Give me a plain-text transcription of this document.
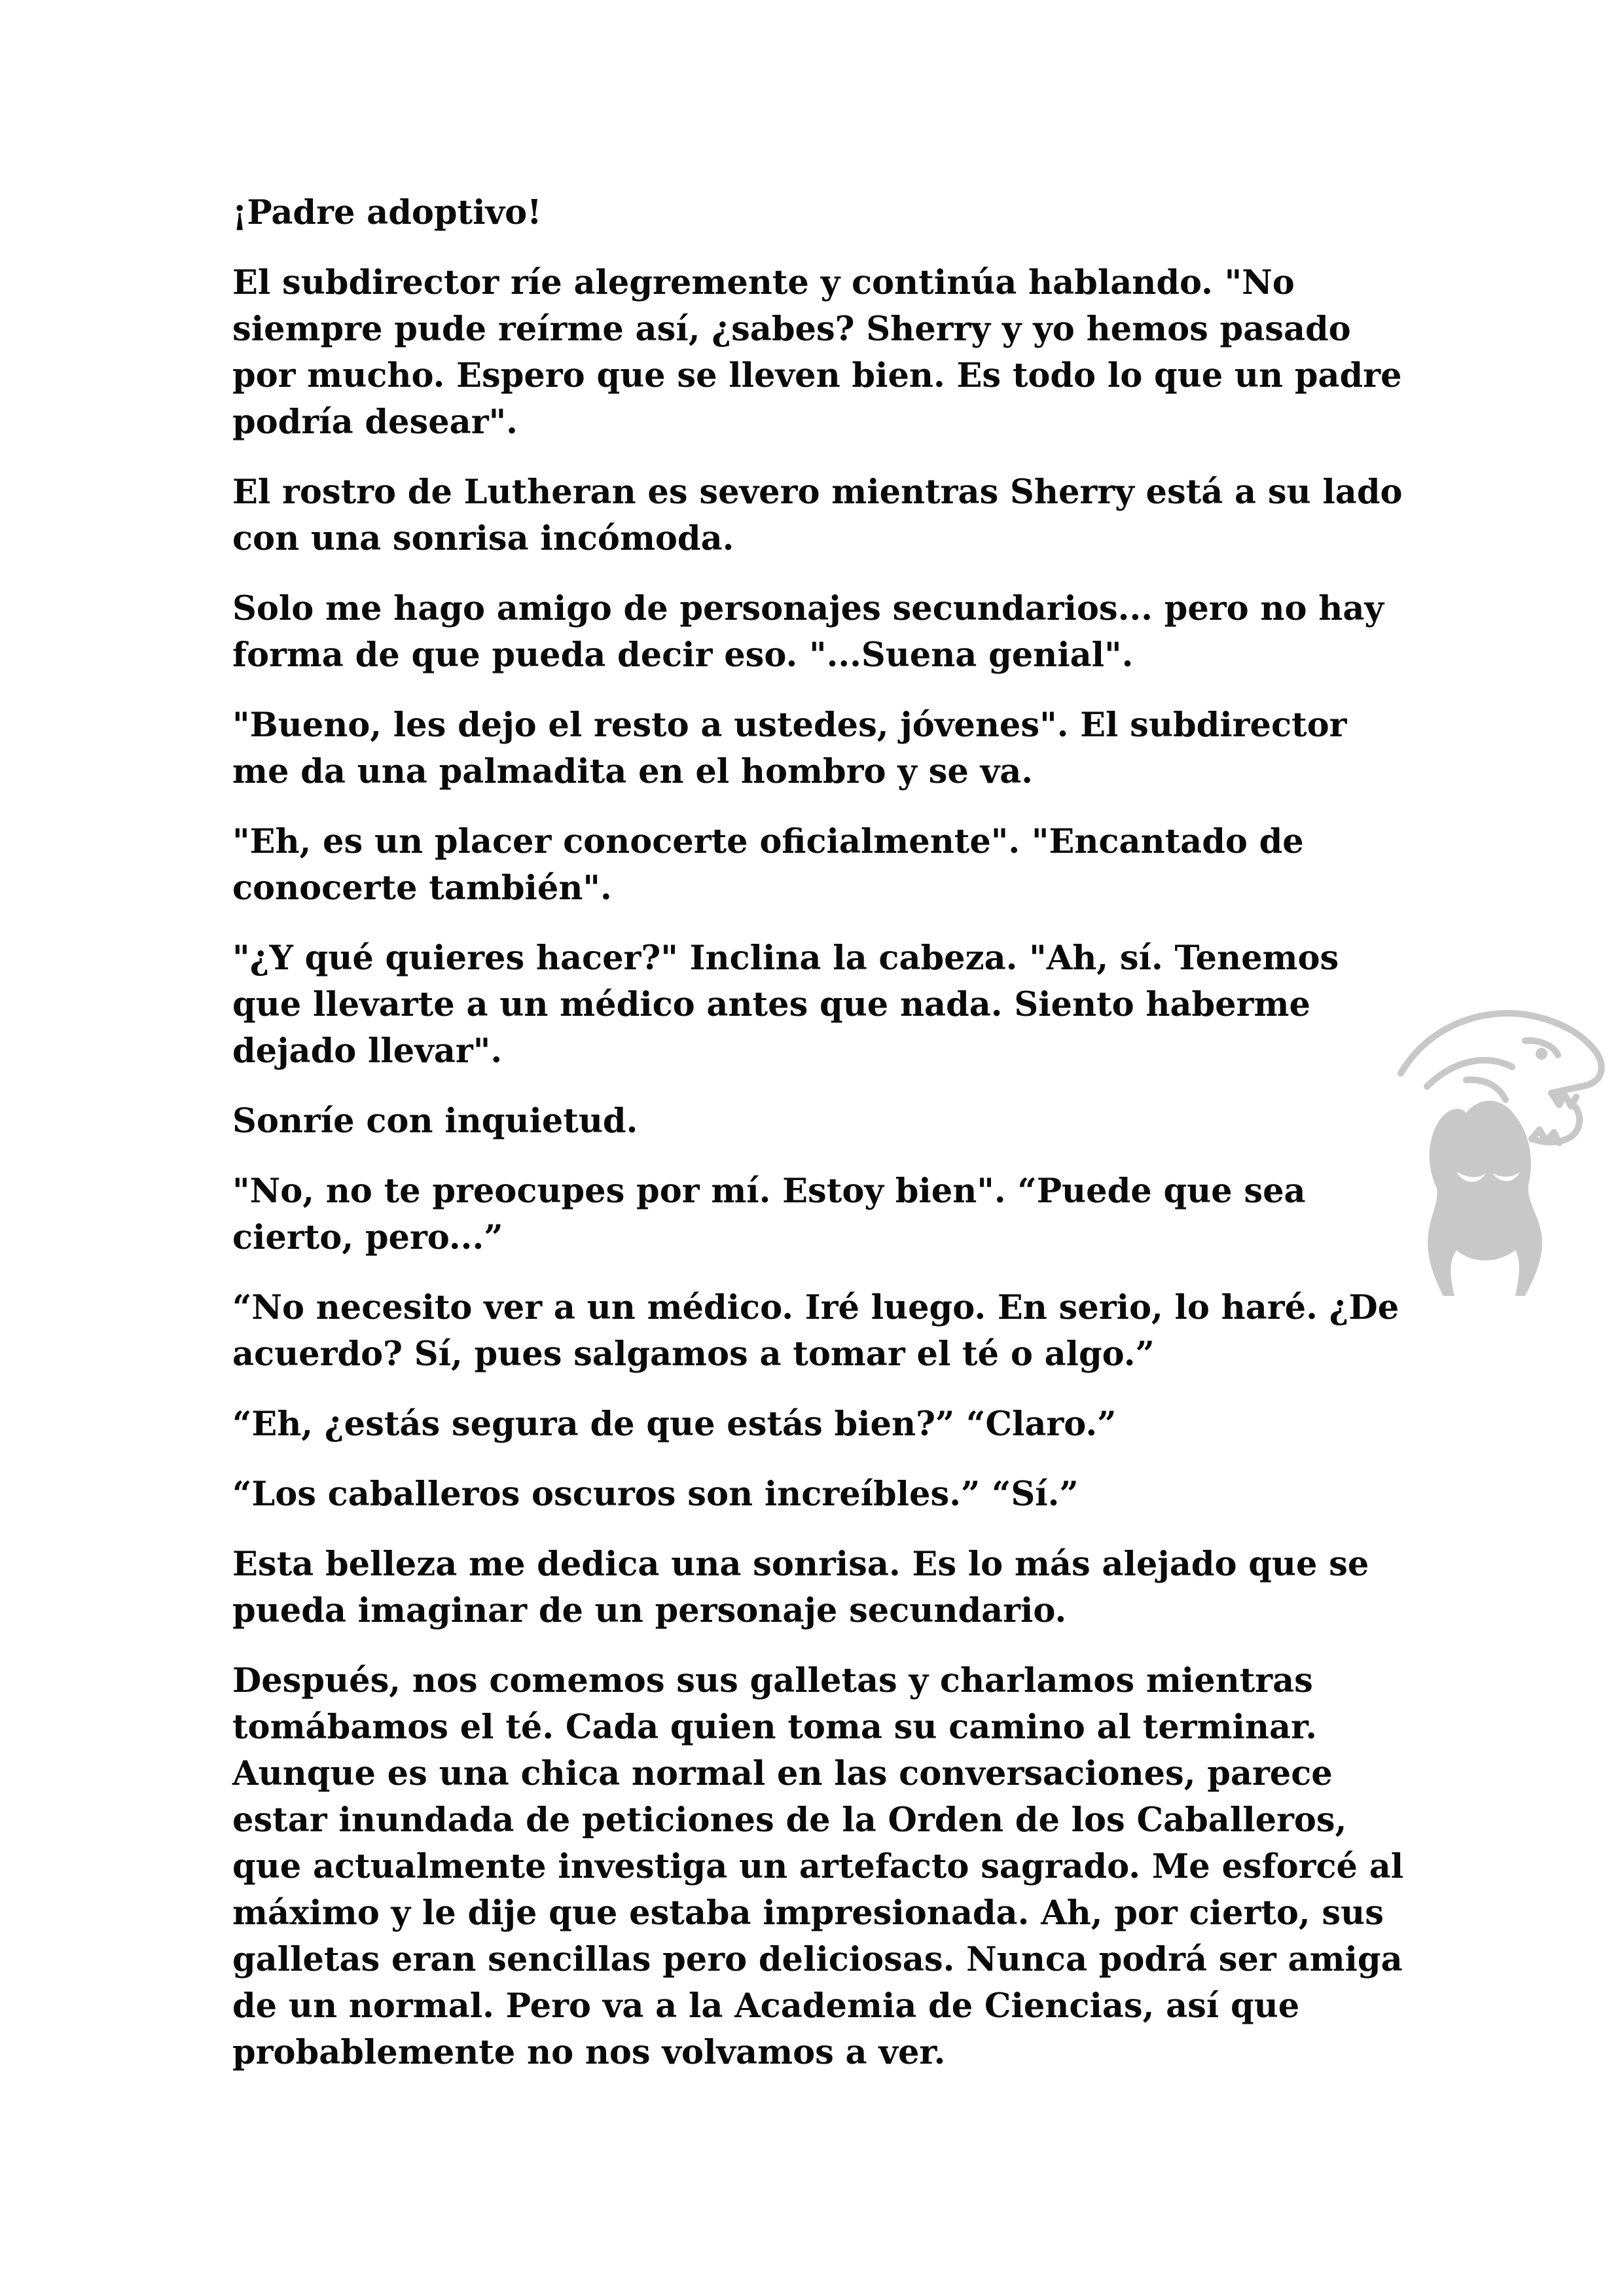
¡Padre adoptivo!

El subdirector ríe alegremente y continúa hablando. "No siempre pude reírme así, ¿sabes? Sherry y yo hemos pasado por mucho. Espero que se lleven bien. Es todo lo que un padre podría desear".

El rostro de Lutheran es severo mientras Sherry está a su lado con una sonrisa incómoda.

Solo me hago amigo de personajes secundarios... pero no hay forma de que pueda decir eso. "...Suena genial".

"Bueno, les dejo el resto a ustedes, jóvenes". El subdirector me da una palmadita en el hombro y se va.

"Eh, es un placer conocerte oficialmente". "Encantado de conocerte también".

"¿Y qué quieres hacer?" Inclina la cabeza. "Ah, sí. Tenemos que llevarte a un médico antes que nada. Siento haberme dejado llevar".

Sonríe con inquietud.

"No, no te preocupes por mí. Estoy bien". “Puede que sea cierto, pero...”

“No necesito ver a un médico. Iré luego. En serio, lo haré. ¿De acuerdo? Sí, pues salgamos a tomar el té o algo.”

“Eh, ¿estás segura de que estás bien?” “Claro.”

“Los caballeros oscuros son increíbles.” “Sí.”

Esta belleza me dedica una sonrisa. Es lo más alejado que se pueda imaginar de un personaje secundario.

Después, nos comemos sus galletas y charlamos mientras tomábamos el té. Cada quien toma su camino al terminar. Aunque es una chica normal en las conversaciones, parece estar inundada de peticiones de la Orden de los Caballeros, que actualmente investiga un artefacto sagrado. Me esforcé al máximo y le dije que estaba impresionada. Ah, por cierto, sus galletas eran sencillas pero deliciosas. Nunca podrá ser amiga de un normal. Pero va a la Academia de Ciencias, así que probablemente no nos volvamos a ver.
